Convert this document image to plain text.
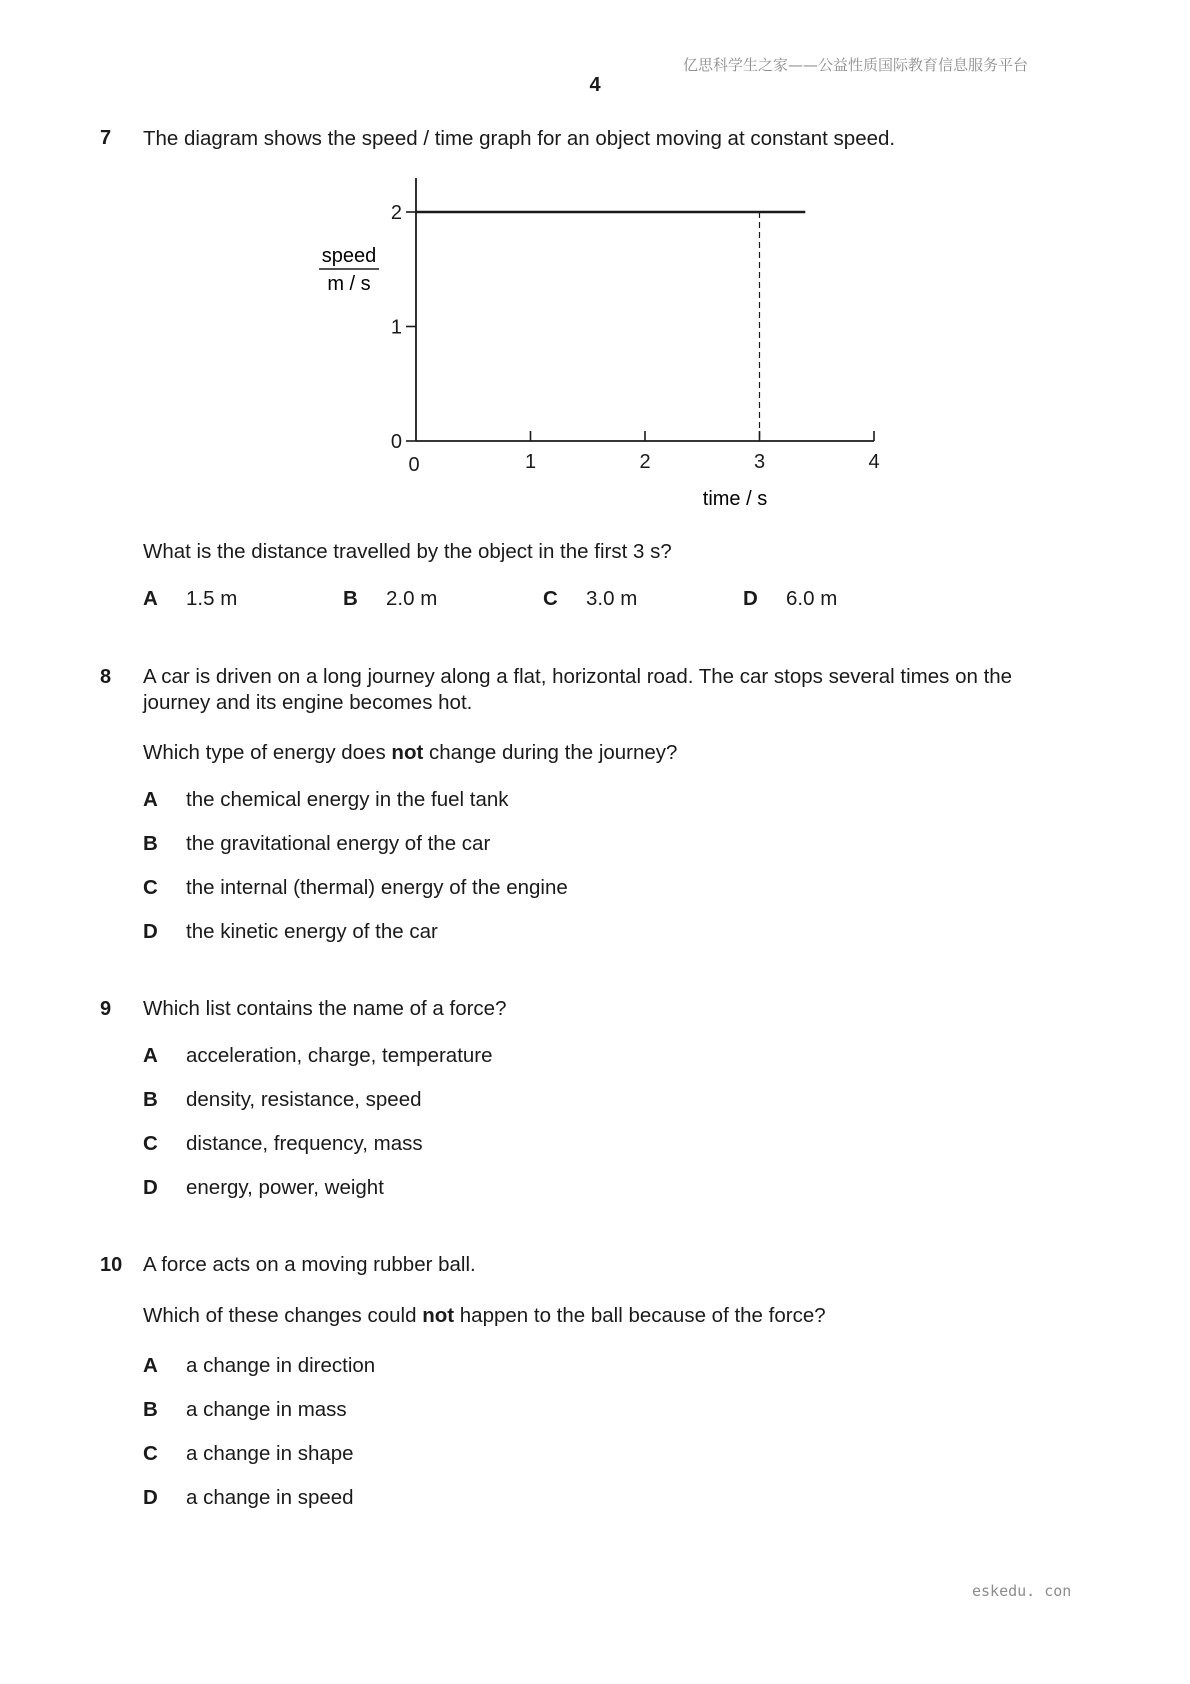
亿思科学生之家——公益性质国际教育信息服务平台
4
7 The diagram shows the speed / time graph for an object moving at constant speed.
0	1	2	3	4
0
1
2
speed
m / s
time / s
What is the distance travelled by the object in the first 3 s?
A 1.5 m	B 2.0 m	C 3.0 m	D 6.0 m
8 A car is driven on a long journey along a flat, horizontal road. The car stops several times on the
journey and its engine becomes hot.
Which type of energy does not change during the journey?
A the chemical energy in the fuel tank
B the gravitational energy of the car
C the internal (thermal) energy of the engine
D the kinetic energy of the car
9 Which list contains the name of a force?
A acceleration, charge, temperature
B density, resistance, speed
C distance, frequency, mass
D energy, power, weight
10 A force acts on a moving rubber ball.
Which of these changes could not happen to the ball because of the force?
A a change in direction
B a change in mass
C a change in shape
D a change in speed
eskedu. con
